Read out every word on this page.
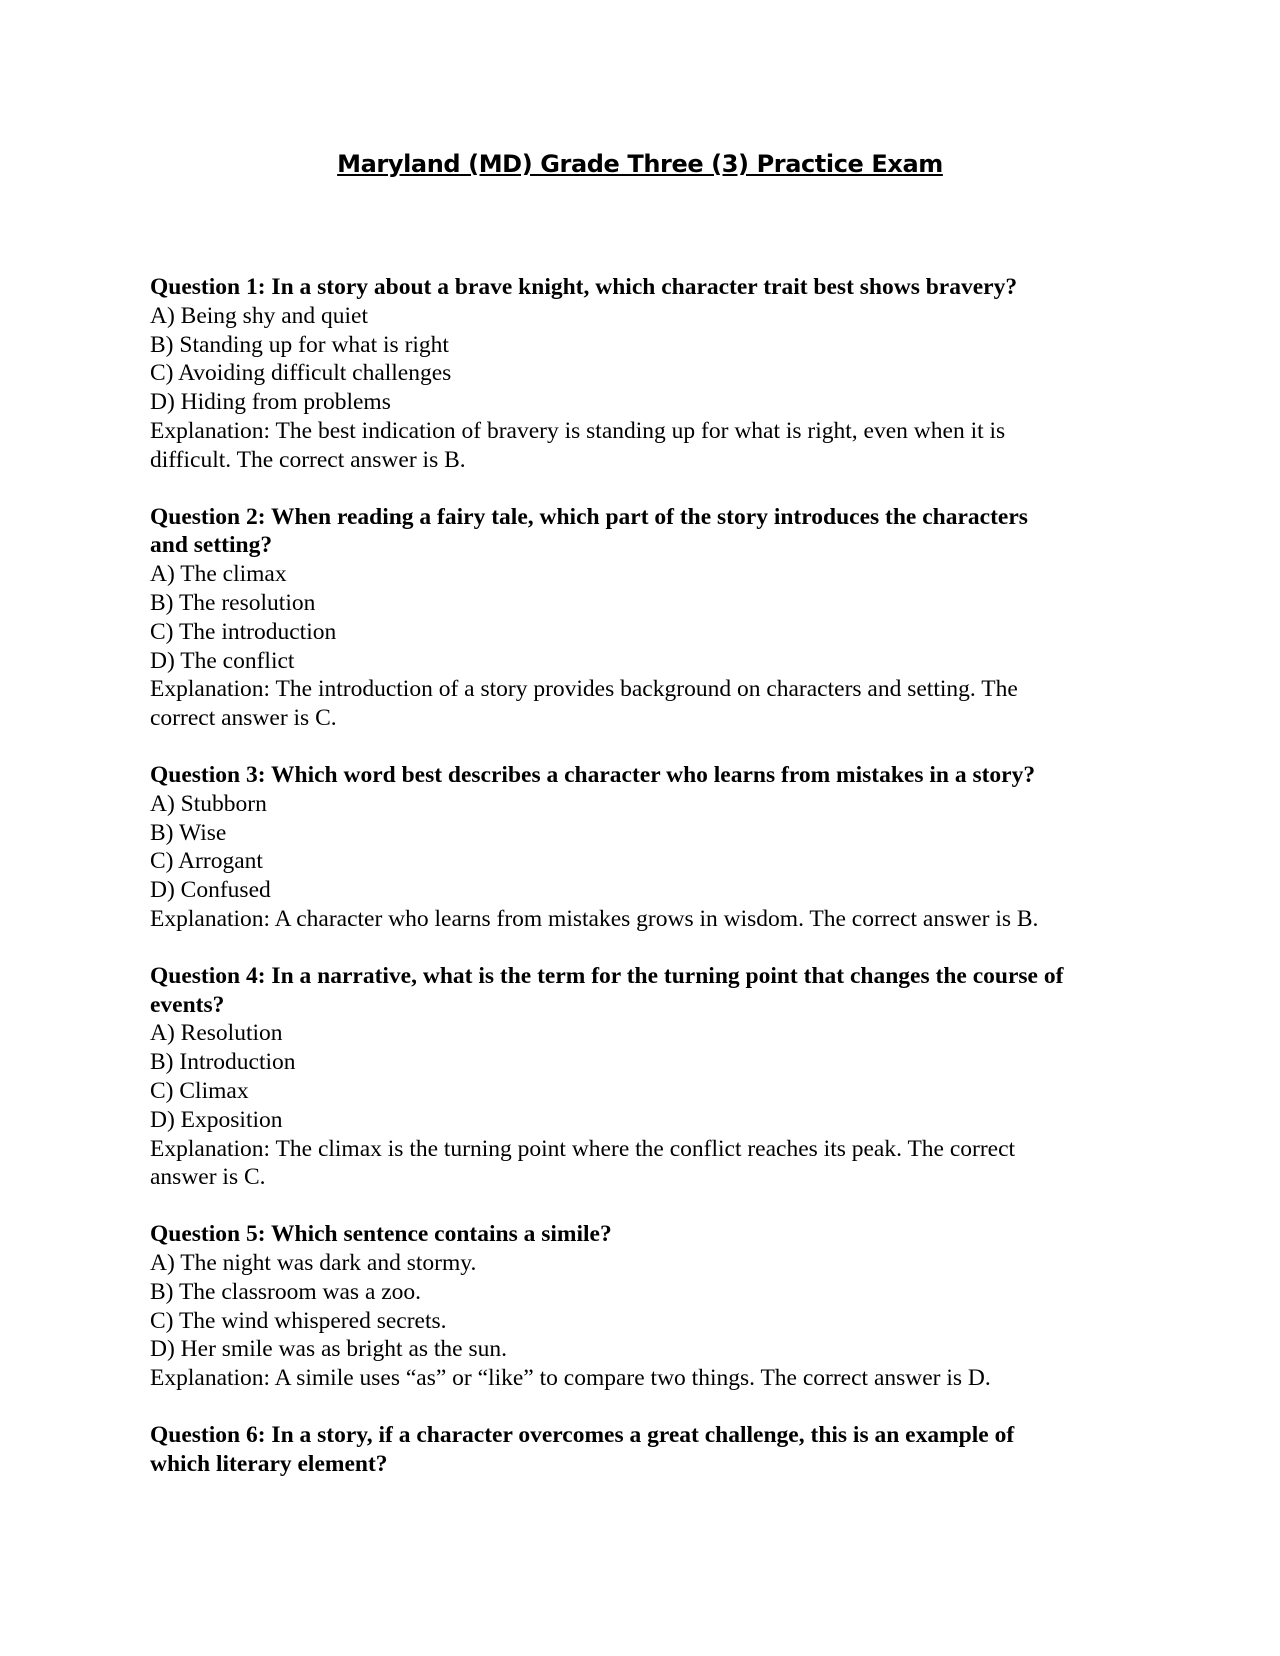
Maryland (MD) Grade Three (3) Practice Exam

Question 1: In a story about a brave knight, which character trait best shows bravery?

A) Being shy and quiet

B) Standing up for what is right

C) Avoiding difficult challenges

D) Hiding from problems

Explanation: The best indication of bravery is standing up for what is right, even when it is

difficult. The correct answer is B.

Question 2: When reading a fairy tale, which part of the story introduces the characters

and setting?

A) The climax

B) The resolution

C) The introduction

D) The conflict

Explanation: The introduction of a story provides background on characters and setting. The

correct answer is C.

Question 3: Which word best describes a character who learns from mistakes in a story?

A) Stubborn

B) Wise

C) Arrogant

D) Confused

Explanation: A character who learns from mistakes grows in wisdom. The correct answer is B.

Question 4: In a narrative, what is the term for the turning point that changes the course of

events?

A) Resolution

B) Introduction

C) Climax

D) Exposition

Explanation: The climax is the turning point where the conflict reaches its peak. The correct

answer is C.

Question 5: Which sentence contains a simile?

A) The night was dark and stormy.

B) The classroom was a zoo.

C) The wind whispered secrets.

D) Her smile was as bright as the sun.

Explanation: A simile uses “as” or “like” to compare two things. The correct answer is D.

Question 6: In a story, if a character overcomes a great challenge, this is an example of

which literary element?
